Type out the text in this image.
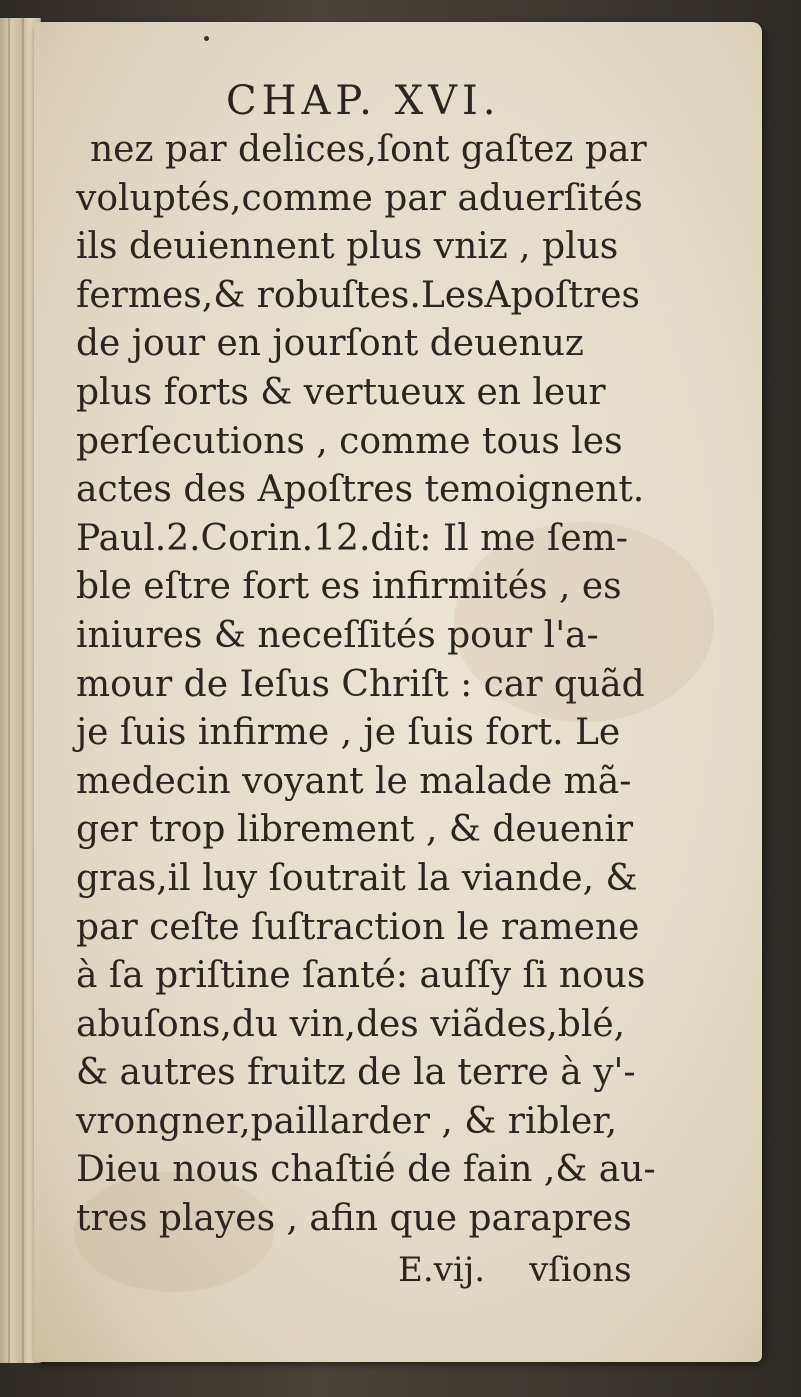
CHAP. XVI.
nez par delices,ſont gaſtez par
voluptés,comme par aduerſités
ils deuiennent plus vniz , plus
fermes,& robuſtes.LesApoſtres
de jour en jourſont deuenuz
plus forts & vertueux en leur
perſecutions , comme tous les
actes des Apoſtres temoignent.
Paul.2.Corin.12.dit: Il me ſem-
ble eſtre fort es infirmités , es
iniures & neceſſités pour l'a-
mour de Ieſus Chriſt : car quãd
je ſuis infirme , je ſuis fort. Le
medecin voyant le malade mã-
ger trop librement , & deuenir
gras,il luy ſoutrait la viande, &
par ceſte ſuſtraction le ramene
à ſa priſtine ſanté: auſſy ſi nous
abuſons,du vin,des viãdes,blé,
& autres fruitz de la terre à y'-
vrongner,paillarder , & ribler,
Dieu nous chaſtié de fain ,& au-
tres playes , afin que parapres
E.vij. vſions
